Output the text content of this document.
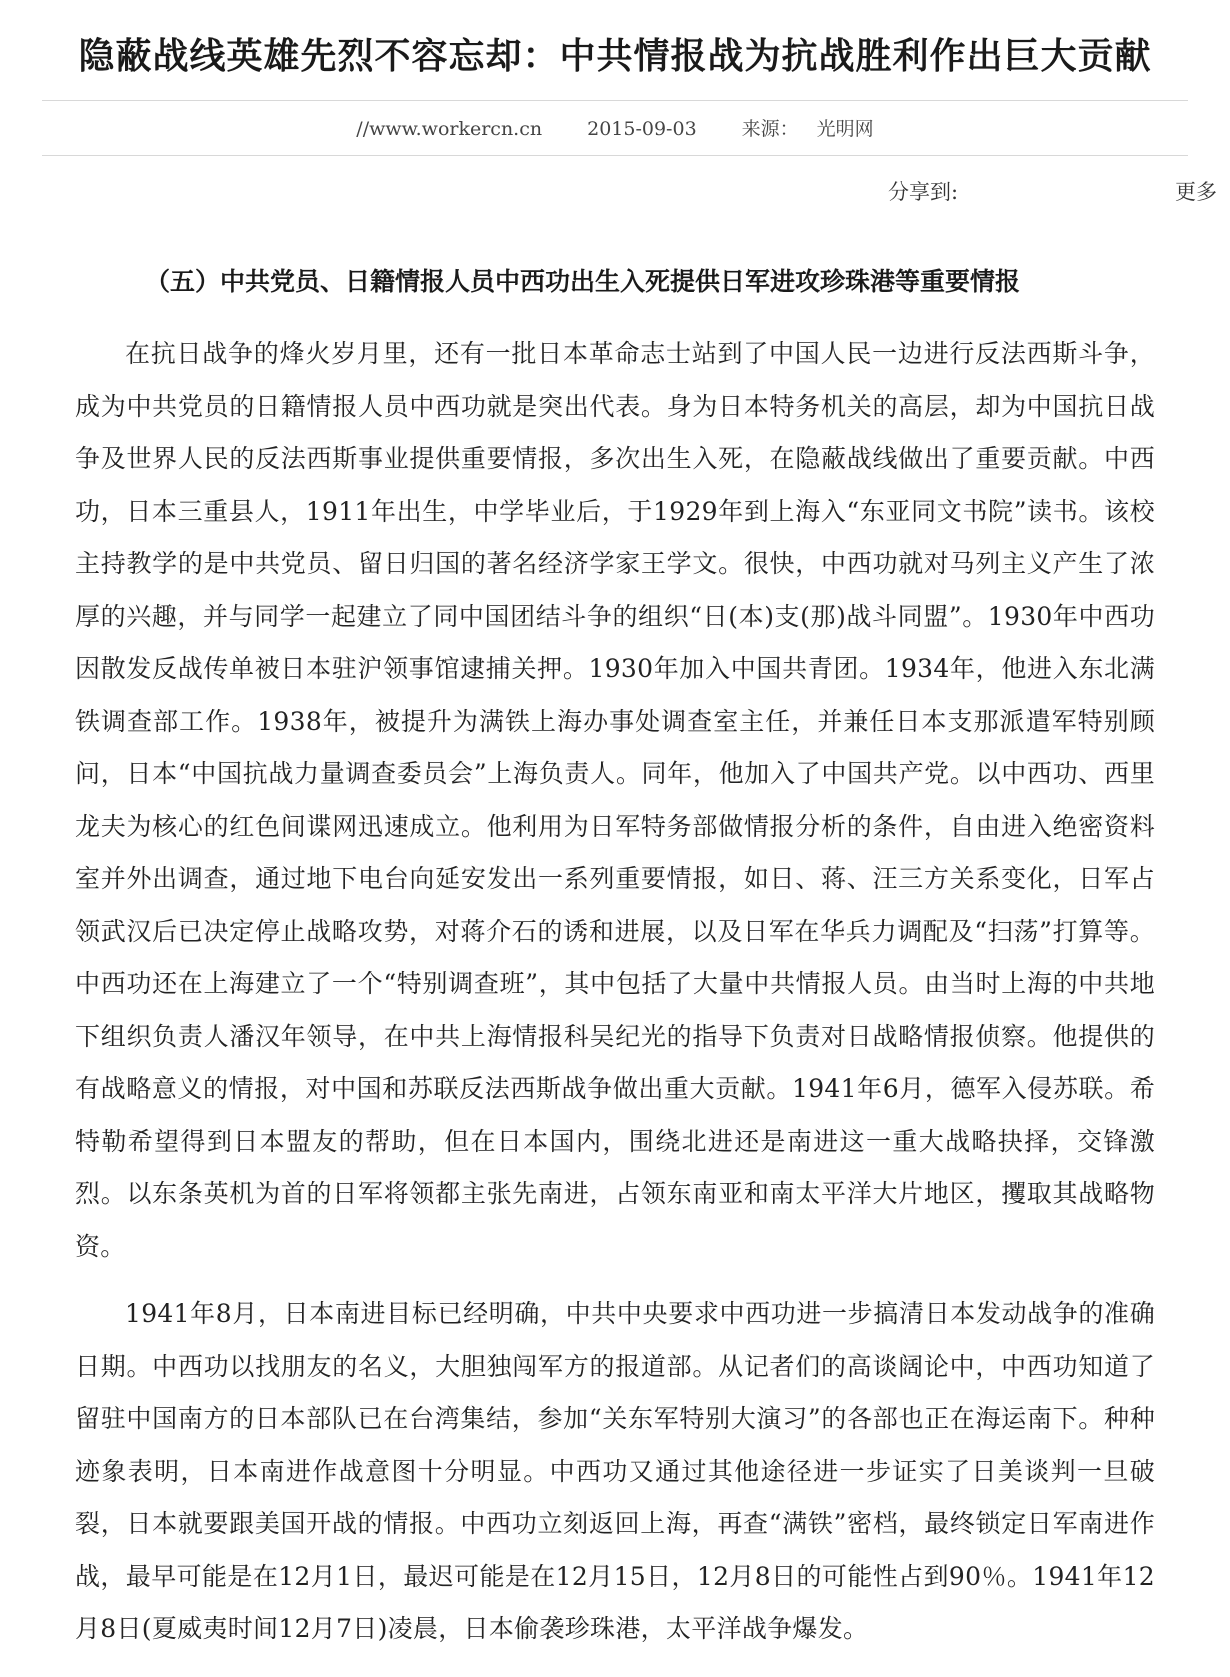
隐蔽战线英雄先烈不容忘却：中共情报战为抗战胜利作出巨大贡献
//www.workercn.cn 2015-09-03 来源： 光明网
分享到:	更多
（五）中共党员、日籍情报人员中西功出生入死提供日军进攻珍珠港等重要情报

在抗日战争的烽火岁月里，还有一批日本革命志士站到了中国人民一边进行反法西斯斗争，成为中共党员的日籍情报人员中西功就是突出代表。身为日本特务机关的高层，却为中国抗日战争及世界人民的反法西斯事业提供重要情报，多次出生入死，在隐蔽战线做出了重要贡献。中西功，日本三重县人，1911年出生，中学毕业后，于1929年到上海入“东亚同文书院”读书。该校主持教学的是中共党员、留日归国的著名经济学家王学文。很快，中西功就对马列主义产生了浓厚的兴趣，并与同学一起建立了同中国团结斗争的组织“日(本)支(那)战斗同盟”。1930年中西功因散发反战传单被日本驻沪领事馆逮捕关押。1930年加入中国共青团。1934年，他进入东北满铁调查部工作。1938年，被提升为满铁上海办事处调查室主任，并兼任日本支那派遣军特别顾问，日本“中国抗战力量调查委员会”上海负责人。同年，他加入了中国共产党。以中西功、西里龙夫为核心的红色间谍网迅速成立。他利用为日军特务部做情报分析的条件，自由进入绝密资料室并外出调查，通过地下电台向延安发出一系列重要情报，如日、蒋、汪三方关系变化，日军占领武汉后已决定停止战略攻势，对蒋介石的诱和进展，以及日军在华兵力调配及“扫荡”打算等。中西功还在上海建立了一个“特别调查班”，其中包括了大量中共情报人员。由当时上海的中共地下组织负责人潘汉年领导，在中共上海情报科吴纪光的指导下负责对日战略情报侦察。他提供的有战略意义的情报，对中国和苏联反法西斯战争做出重大贡献。1941年6月，德军入侵苏联。希特勒希望得到日本盟友的帮助，但在日本国内，围绕北进还是南进这一重大战略抉择，交锋激烈。以东条英机为首的日军将领都主张先南进，占领东南亚和南太平洋大片地区，攫取其战略物资。

1941年8月，日本南进目标已经明确，中共中央要求中西功进一步搞清日本发动战争的准确日期。中西功以找朋友的名义，大胆独闯军方的报道部。从记者们的高谈阔论中，中西功知道了留驻中国南方的日本部队已在台湾集结，参加“关东军特别大演习”的各部也正在海运南下。种种迹象表明，日本南进作战意图十分明显。中西功又通过其他途径进一步证实了日美谈判一旦破裂，日本就要跟美国开战的情报。中西功立刻返回上海，再查“满铁”密档，最终锁定日军南进作战，最早可能是在12月1日，最迟可能是在12月15日，12月8日的可能性占到90％。1941年12月8日(夏威夷时间12月7日)凌晨，日本偷袭珍珠港，太平洋战争爆发。
